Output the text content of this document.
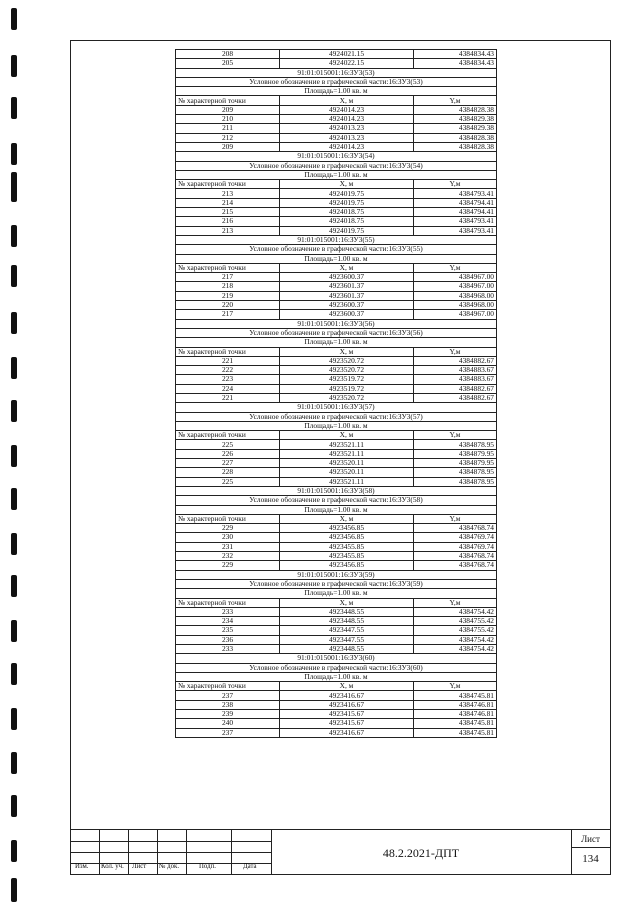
208	4924021.15	4384834.43
205	4924022.15	4384834.43
91:01:015001:16:ЗУ3(53)		
Условное обозначение в графической части:16:ЗУ3(53)		
Площадь=1.00 кв. м		
№ характерной точки	X, м	Y,м
209	4924014.23	4384828.38
210	4924014.23	4384829.38
211	4924013.23	4384829.38
212	4924013.23	4384828.38
209	4924014.23	4384828.38
91:01:015001:16:ЗУ3(54)		
Условное обозначение в графической части:16:ЗУ3(54)		
Площадь=1.00 кв. м		
№ характерной точки	X, м	Y,м
213	4924019.75	4384793.41
214	4924019.75	4384794.41
215	4924018.75	4384794.41
216	4924018.75	4384793.41
213	4924019.75	4384793.41
91:01:015001:16:ЗУ3(55)		
Условное обозначение в графической части:16:ЗУ3(55)		
Площадь=1.00 кв. м		
№ характерной точки	X, м	Y,м
217	4923600.37	4384967.00
218	4923601.37	4384967.00
219	4923601.37	4384968.00
220	4923600.37	4384968.00
217	4923600.37	4384967.00
91:01:015001:16:ЗУ3(56)		
Условное обозначение в графической части:16:ЗУ3(56)		
Площадь=1.00 кв. м		
№ характерной точки	X, м	Y,м
221	4923520.72	4384882.67
222	4923520.72	4384883.67
223	4923519.72	4384883.67
224	4923519.72	4384882.67
221	4923520.72	4384882.67
91:01:015001:16:ЗУ3(57)		
Условное обозначение в графической части:16:ЗУ3(57)		
Площадь=1.00 кв. м		
№ характерной точки	X, м	Y,м
225	4923521.11	4384878.95
226	4923521.11	4384879.95
227	4923520.11	4384879.95
228	4923520.11	4384878.95
225	4923521.11	4384878.95
91:01:015001:16:ЗУ3(58)		
Условное обозначение в графической части:16:ЗУ3(58)		
Площадь=1.00 кв. м		
№ характерной точки	X, м	Y,м
229	4923456.85	4384768.74
230	4923456.85	4384769.74
231	4923455.85	4384769.74
232	4923455.85	4384768.74
229	4923456.85	4384768.74
91:01:015001:16:ЗУ3(59)		
Условное обозначение в графической части:16:ЗУ3(59)		
Площадь=1.00 кв. м		
№ характерной точки	X, м	Y,м
233	4923448.55	4384754.42
234	4923448.55	4384755.42
235	4923447.55	4384755.42
236	4923447.55	4384754.42
233	4923448.55	4384754.42
91:01:015001:16:ЗУ3(60)		
Условное обозначение в графической части:16:ЗУ3(60)		
Площадь=1.00 кв. м		
№ характерной точки	X, м	Y,м
237	4923416.67	4384745.81
238	4923416.67	4384746.81
239	4923415.67	4384746.81
240	4923415.67	4384745.81
237	4923416.67	4384745.81
48.2.2021-ДПТ
Лист
134
Изм. Кол. уч. Лист № док.	Подп.	Дата
